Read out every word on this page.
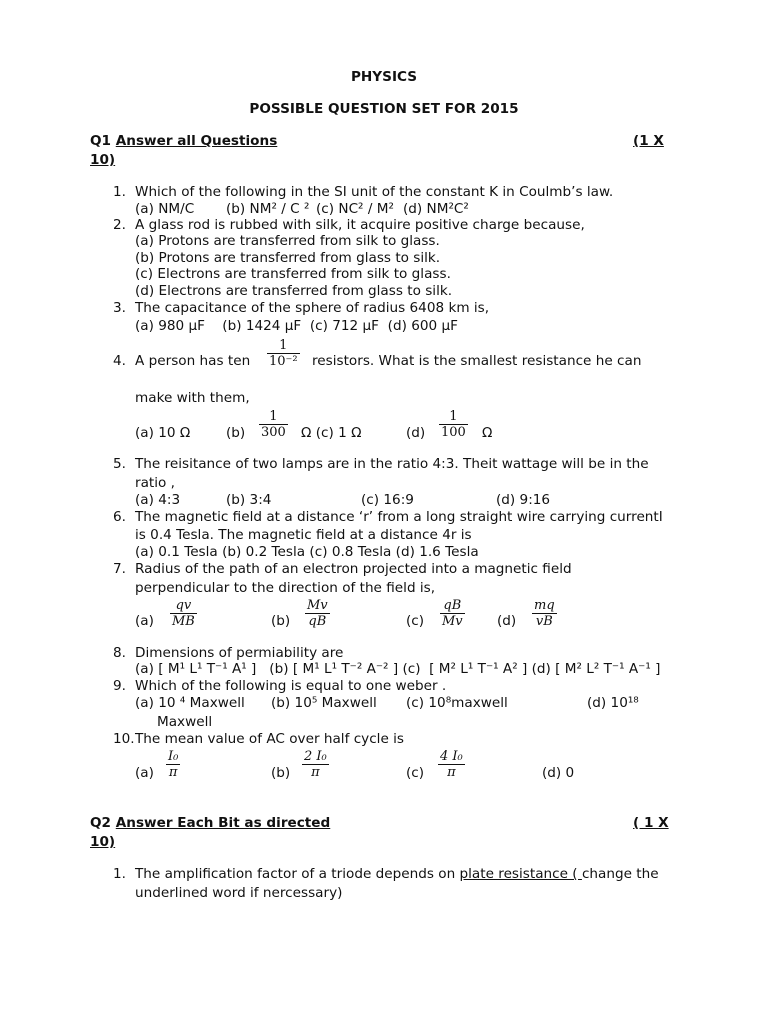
PHYSICS
POSSIBLE QUESTION SET FOR 2015
Q1 Answer all Questions	(1 X
10)
1. Which of the following in the SI unit of the constant K in Coulmb’s law.
(a) NM/C (b) NM² / C ² (c) NC² / M² (d) NM²C²
2. A glass rod is rubbed with silk, it acquire positive charge because,
(a) Protons are transferred from silk to glass.
(b) Protons are transferred from glass to silk.
(c) Electrons are transferred from silk to glass.
(d) Electrons are transferred from glass to silk.
3. The capacitance of the sphere of radius 6408 km is,
(a) 980 µF    (b) 1424 µF  (c) 712 µF  (d) 600 µF
4. A person has ten $\frac{1}{\text{10⁻²}}$ resistors. What is the smallest resistance he can
make with them,
(a) 10 Ω	$(b) \frac{1}{300}$ Ω (c) 1 Ω	$(d) \frac{1}{100}$ Ω
5. The reisitance of two lamps are in the ratio 4:3. Theit wattage will be in the
ratio ,
(a) 4:3	(b) 3:4	(c) 16:9	(d) 9:16
6. The magnetic field at a distance ‘r’ from a long straight wire carrying currentI
is 0.4 Tesla. The magnetic field at a distance 4r is
(a) 0.1 Tesla (b) 0.2 Tesla (c) 0.8 Tesla (d) 1.6 Tesla
7. Radius of the path of an electron projected into a magnetic field
perpendicular to the direction of the field is,
$(a) \frac{qv}{MB}$	$(b) \frac{Mv}{qB}$	$(c) \frac{qB}{Mv} (d) \frac{mq}{vB}$
8. Dimensions of permiability are
(a) [ M¹ L¹ T⁻¹ A¹ ]   (b) [ M¹ L¹ T⁻² A⁻² ] (c)  [ M² L¹ T⁻¹ A² ] (d) [ M² L² T⁻¹ A⁻¹ ]
9. Which of the following is equal to one weber .
(a) 10 ⁴ Maxwell (b) 10⁵ Maxwell (c) 10⁸maxwell	(d) 10¹⁸
Maxwell
10. The mean value of AC over half cycle is
$(a) \frac{\text{I₀}}{\pi}$	$(b) \frac{\text{2 I₀}}{\pi}$	$(c) \frac{\text{4 I₀}}{\pi}$	(d) 0
Q2 Answer Each Bit as directed	( 1 X
10)
1. The amplification factor of a triode depends on plate resistance ( change the
underlined word if nercessary)
